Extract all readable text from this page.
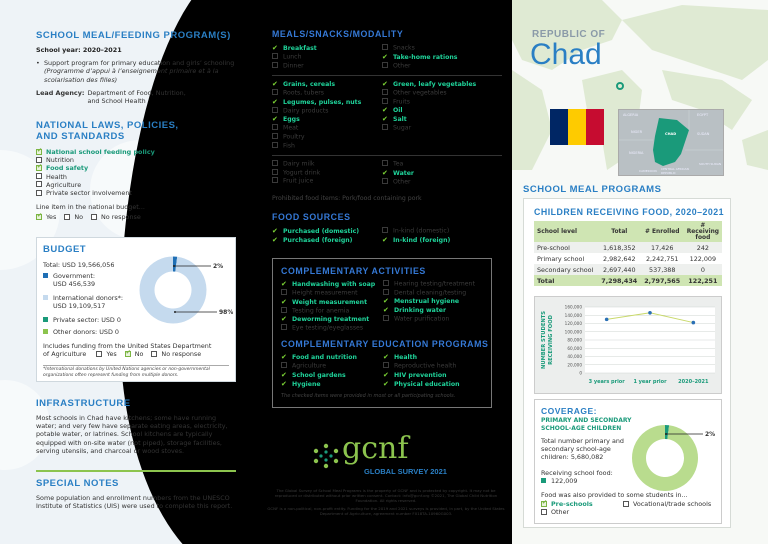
SCHOOL MEAL/FEEDING PROGRAM(S)
School year: 2020–2021
• Support program for primary education and girls’ schooling
(Programme d’appui à l’enseignement primaire et à la scolarisation des filles)
Lead Agency: Department of Food, Nutrition, and School Health
NATIONAL LAWS, POLICIES,
AND STANDARDS
✔National school feeding policy
Nutrition
✔Food safety
Health
Agriculture
Private sector involvement
Line item in the national budget...
✔Yes	No	No response
BUDGET
Total: USD 19,566,056
Government:
USD 456,539
International donors*:
USD 19,109,517
Private sector: USD 0
Other donors: USD 0
2%
98%
Includes funding from the United States Department
of Agriculture	Yes ✔	No	No response
*International donations by United Nations agencies or non-governmental organizations often represent funding from multiple donors.
INFRASTRUCTURE
Most schools in Chad have kitchens; some have running water; and very few have separate eating areas, electricity, potable water, or latrines. School kitchens are typically equipped with on-site water (not piped), storage facilities, serving utensils, and charcoal or wood stoves.
SPECIAL NOTES
Some population and enrollment numbers from the UNESCO Institute of Statistics (UIS) were used to complete this report.
MEALS/SNACKS/MODALITY
✔ Breakfast
Lunch
Dinner
Snacks
✔ Take-home rations
Other
✔ Grains, cereals
Roots, tubers
✔ Legumes, pulses, nuts
Dairy products
✔ Eggs
Meat
Poultry
Fish
✔ Green, leafy vegetables
Other vegetables
Fruits
✔ Oil
✔ Salt
Sugar
Dairy milk
Yogurt drink
Fruit juice
Tea
✔ Water
Other
Prohibited food items: Pork/food containing pork
FOOD SOURCES
✔ Purchased (domestic)
✔ Purchased (foreign)
In-kind (domestic)
✔ In-kind (foreign)
COMPLEMENTARY ACTIVITIES
✔ Handwashing with soap
Height measurement
✔ Weight measurement
Testing for anemia
✔ Deworming treatment
Eye testing/eyeglasses
Hearing testing/treatment
Dental cleaning/testing
✔ Menstrual hygiene
✔ Drinking water
Water purification
COMPLEMENTARY EDUCATION PROGRAMS
✔ Food and nutrition
Agriculture
✔ School gardens
✔ Hygiene
✔ Health
Reproductive health
✔ HIV prevention
✔ Physical education
The checked items were provided in most or all participating schools.
gcnf
GLOBAL SURVEY 2021
The Global Survey of School Meal Programs is the property of GCNF and is protected by copyright. It may not be reproduced or distributed without prior written consent. Contact: info@gcnf.org ©2021, The Global Child Nutrition Foundation. All rights reserved.
GCNF is a non-political, non-profit entity. Funding for the 2019 and 2021 surveys is provided, in part, by the United States Department of Agriculture, agreement number FX18TA-10960G003.
REPUBLIC OF
Chad
ALGERIA	EGYPT
NIGER	CHAD	SUDAN
NIGERIA
CAMEROON CENTRAL AFRICAN REPUBLIC
SOUTH SUDAN
SCHOOL MEAL PROGRAMS
CHILDREN RECEIVING FOOD, 2020–2021
School level	Total	# Enrolled	# Receiving food
Pre-school	1,618,352	17,426	242
Primary school	2,982,642	2,242,751	122,009
Secondary school	2,697,440	537,388	0
Total	7,298,434	2,797,565	122,251
0
20,000
40,000
60,000
80,000
100,000
120,000
140,000
160,000
3 years prior 1 year prior 2020–2021
NUMBER STUDENTS RECEIVING FOOD
COVERAGE:
PRIMARY AND SECONDARY
SCHOOL-AGE CHILDREN
Total number primary and
secondary school-age
children: 5,680,082
Receiving school food:
122,009
2%
Food was also provided to some students in...
✔Pre-schools	Vocational/trade schools
Other
